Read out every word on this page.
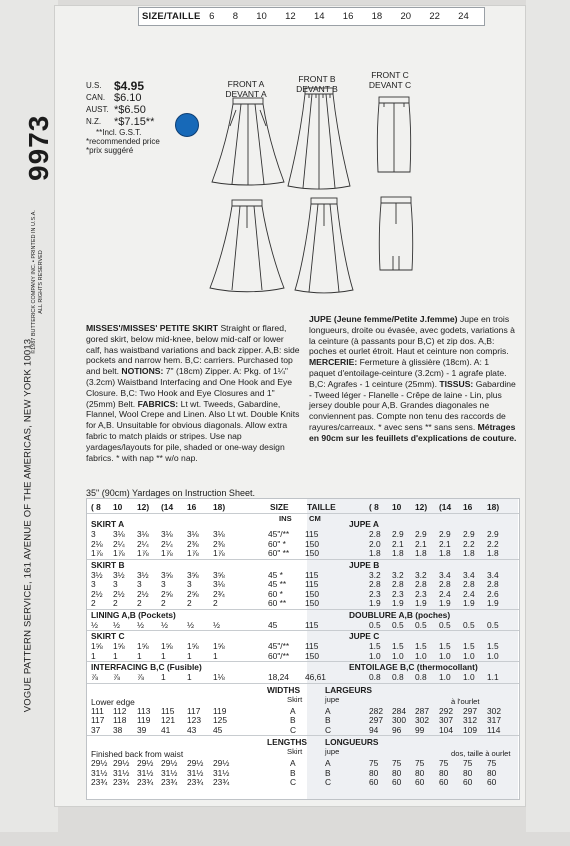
SIZE/TAILLE 6 8 10 12 14 16 18 20 22 24
9973
VOGUE PATTERN SERVICE, 161 AVENUE OF THE AMERICAS, NEW YORK 10013
©1987 BUTTERICK COMPANY INC. • PRINTED IN U.S.A. ALL RIGHTS RESERVED
U.S.	$4.95
CAN. $6.10
AUST. *$6.50
N.Z.	*$7.15**
**Incl. G.S.T.
*recommended price
*prix suggéré
FRONT A
DEVANT A
FRONT B
DEVANT B
FRONT C
DEVANT C
MISSES'/MISSES' PETITE SKIRT Straight or flared, gored skirt, below mid-knee, below mid-calf or lower calf, has waistband variations and back zipper. A,B: side pockets and narrow hem. B,C: carriers. Purchased top and belt. NOTIONS: 7" (18cm) Zipper. A: Pkg. of 1¼" (3.2cm) Waistband Interfacing and One Hook and Eye Closure. B,C: Two Hook and Eye Closures and 1" (25mm) Belt. FABRICS: Lt wt. Tweeds, Gabardine, Flannel, Wool Crepe and Linen. Also Lt wt. Double Knits for A,B. Unsuitable for obvious diagonals. Allow extra fabric to match plaids or stripes. Use nap yardages/layouts for pile, shaded or one-way design fabrics. * with nap ** w/o nap.
JUPE (Jeune femme/Petite J.femme) Jupe en trois longueurs, droite ou évasée, avec godets, variations à la ceinture (à passants pour B,C) et zip dos. A,B: poches et ourlet étroit. Haut et ceinture non compris. MERCERIE: Fermeture à glissière (18cm). A: 1 paquet d'entoilage-ceinture (3.2cm) - 1 agrafe plate. B,C: Agrafes - 1 ceinture (25mm). TISSUS: Gabardine - Tweed léger - Flanelle - Crêpe de laine - Lin, plus jersey double pour A,B. Grandes diagonales ne conviennent pas. Compte non tenu des raccords de rayures/carreaux. * avec sens ** sans sens. Métrages en 90cm sur les feuillets d'explications de couture.
35" (90cm) Yardages on Instruction Sheet.
( 8 10 12) (14 16 18)	SIZE TAILLE	( 8 10 12) (14 16 18)
INS CM
SKIRT A	JUPE A
3 3⅛ 3⅛ 3⅛ 3⅛ 3⅛	45"/** 115	2.8 2.9 2.9 2.9 2.9 2.9
2⅛ 2¼ 2¼ 2¼ 2⅜ 2⅜	60" * 150	2.0 2.1 2.1 2.1 2.2 2.2
1⅞ 1⅞ 1⅞ 1⅞ 1⅞ 1⅞	60" ** 150	1.8 1.8 1.8 1.8 1.8 1.8
SKIRT B	JUPE B
3½ 3½ 3½ 3⅝ 3⅝ 3⅝	45 *	115	3.2 3.2 3.2 3.4 3.4 3.4
3 3 3 3	3	3⅛	45 ** 115	2.8 2.8 2.8 2.8 2.8 2.8
2½ 2½ 2½ 2⅝ 2⅝ 2¾	60 *	150	2.3 2.3 2.3 2.4 2.4 2.6
2 2 2 2	2	2	60 ** 150	1.9 1.9 1.9 1.9 1.9 1.9
LINING A,B (Pockets)	DOUBLURE A,B (poches)
½ ½ ½ ½ ½ ½	45	115	0.5 0.5 0.5 0.5 0.5 0.5
SKIRT C	JUPE C
1⅝ 1⅝ 1⅝ 1⅝ 1⅝ 1⅝	45"/** 115	1.5 1.5 1.5 1.5 1.5 1.5
1 1 1 1	1	1	60"/** 150	1.0 1.0 1.0 1.0 1.0 1.0
INTERFACING B,C (Fusible)	ENTOILAGE B,C (thermocollant)
⅞ ⅞ ⅞ 1	1	1⅛	18,24 46,61	0.8 0.8 0.8 1.0 1.0 1.1
WIDTHS	LARGEURS
Skirt	jupe
Lower edge	à l'ourlet
111 112 113 115 117 119	A	A	282 284 287 292 297 302
117 118 119 121 123 125	B	B	297 300 302 307 312 317
37 38 39 41 43 45	C	C	94 96 99 104 109 114
LENGTHS LONGUEURS
Skirt	jupe
Finished back from waist	dos, taille à ourlet
29½ 29½ 29½ 29½ 29½ 29½	A	A	75 75 75 75 75 75
31½ 31½ 31½ 31½ 31½ 31½	B	B	80 80 80 80 80 80
23¾ 23¾ 23¾ 23¾ 23¾ 23¾	C	C	60 60 60 60 60 60
